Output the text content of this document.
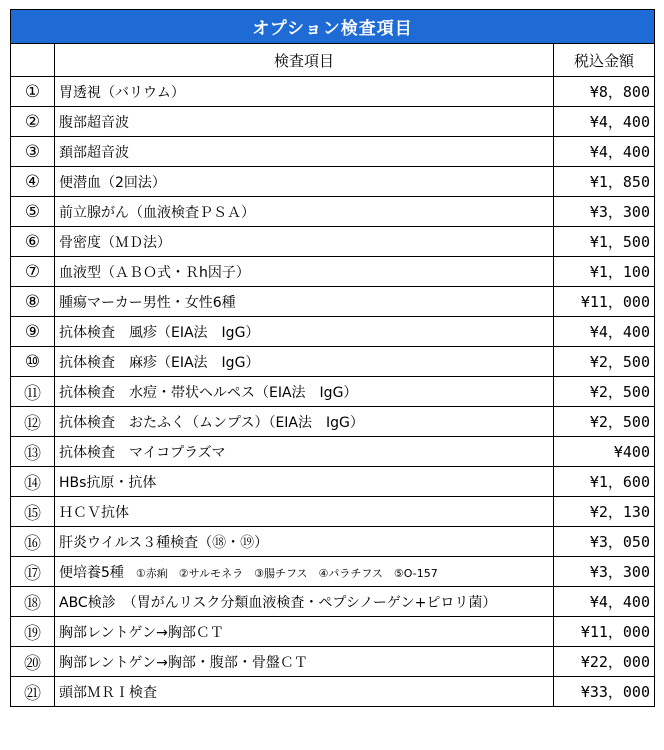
オプション検査項目		
	検査項目	税込金額
①	胃透視（バリウム）	¥8，800
②	腹部超音波	¥4，400
③	頚部超音波	¥4，400
④	便潜血（2回法）	¥1，850
⑤	前立腺がん（血液検査ＰＳＡ）	¥3，300
⑥	骨密度（ＭＤ法）	¥1，500
⑦	血液型（ＡＢＯ式・Ｒh因子）	¥1，100
⑧	腫瘍マーカー男性・女性6種	¥11，000
⑨	抗体検査　風疹（EIA法　IgG）	¥4，400
⑩	抗体検査　麻疹（EIA法　IgG）	¥2，500
⑪	抗体検査　水痘・帯状ヘルペス（EIA法　IgG）	¥2，500
⑫	抗体検査　おたふく（ムンプス）（EIA法　IgG）	¥2，500
⑬	抗体検査　マイコプラズマ	¥400
⑭	HBs抗原・抗体	¥1，600
⑮	ＨＣＶ抗体	¥2，130
⑯	肝炎ウイルス３種検査（⑱・⑲）	¥3，050
⑰	便培養5種 ①赤痢　②サルモネラ　③腸チフス　④パラチフス　⑤O-157	¥3，300
⑱	ABC検診　（胃がんリスク分類血液検査・ペプシノーゲン+ピロリ菌）	¥4，400
⑲	胸部レントゲン→胸部ＣＴ	¥11，000
⑳	胸部レントゲン→胸部・腹部・骨盤ＣＴ	¥22，000
㉑	頭部ＭＲＩ検査	¥33，000
